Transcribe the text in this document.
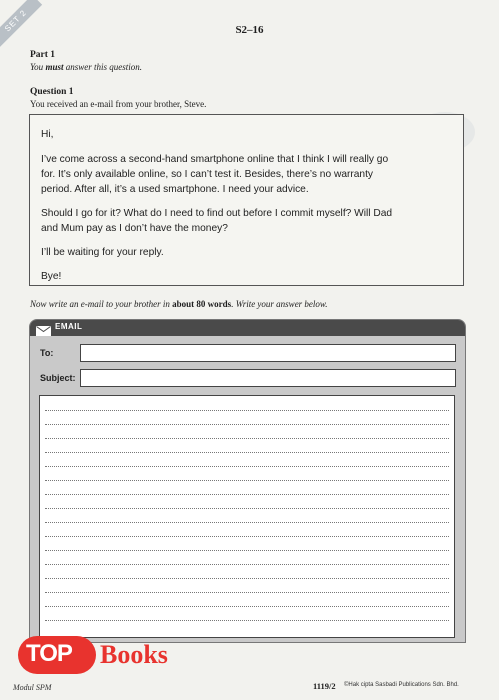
SET 2	S2–16
Part 1
You must answer this question.
Question 1
You received an e-mail from your brother, Steve.

Hi,

I’ve come across a second-hand smartphone online that I think I will really go

for. It’s only available online, so I can’t test it. Besides, there’s no warranty

period. After all, it’s a used smartphone. I need your advice.

Should I go for it? What do I need to find out before I commit myself? Will Dad

and Mum pay as I don’t have the money?

I’ll be waiting for your reply.

Bye!

Now write an e-mail to your brother in about 80 words. Write your answer below.
EMAIL
To:
Subject:
TOP Books
Modul SPM	1119/2 ©Hak cipta Sasbadi Publications Sdn. Bhd.
